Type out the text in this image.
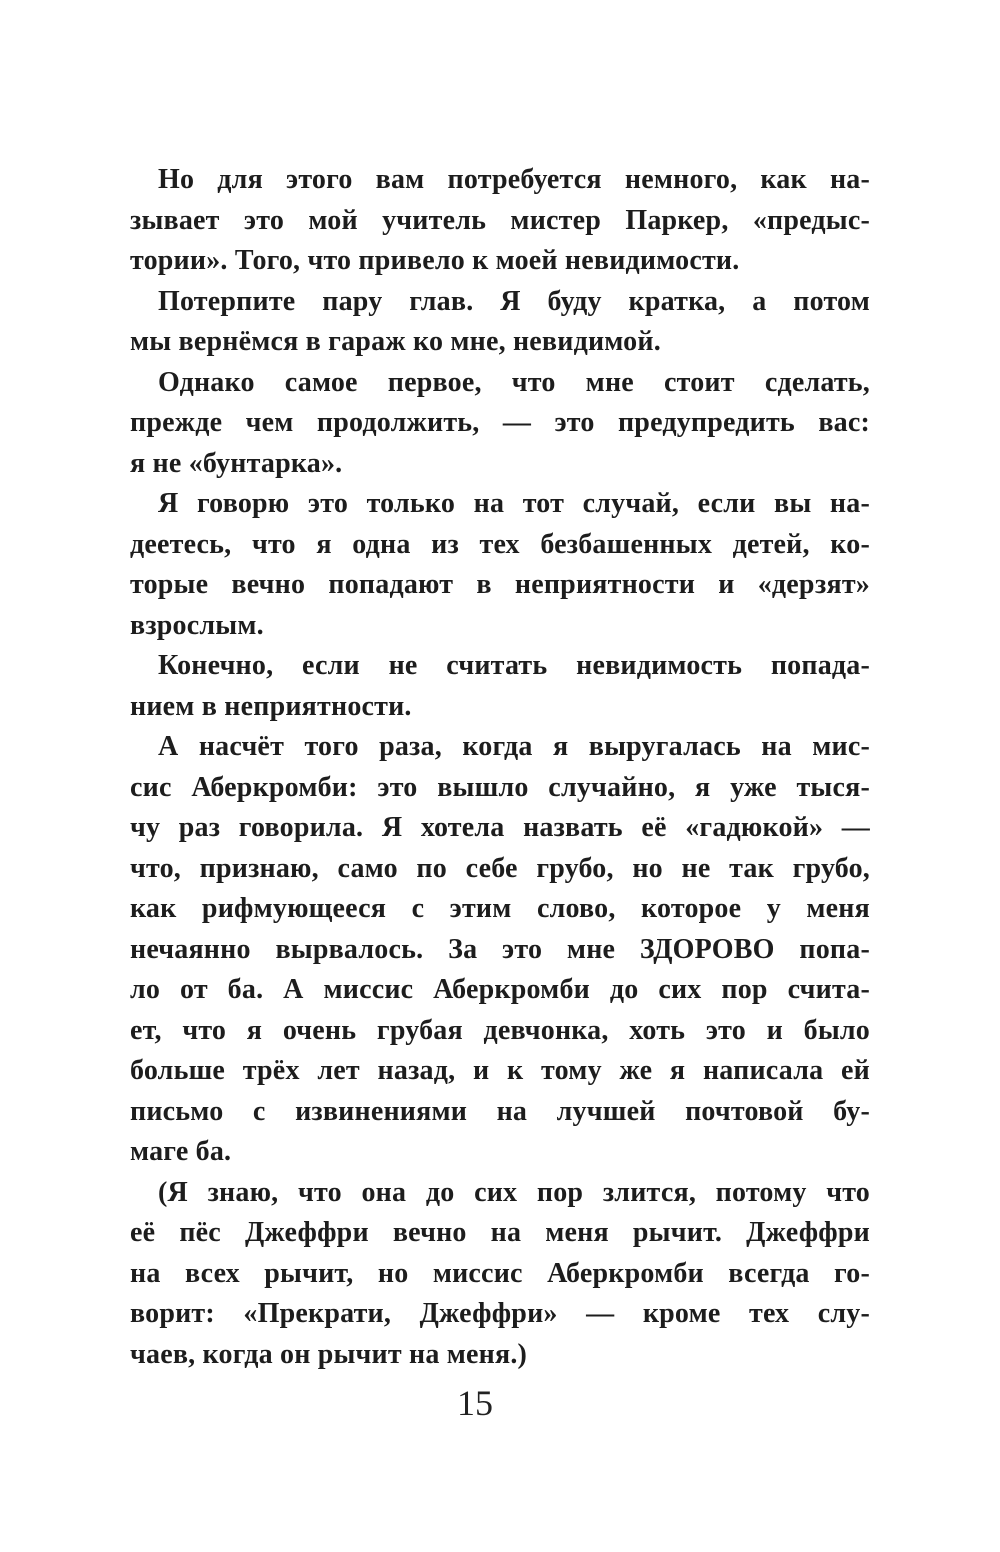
Но для этого вам потребуется немного, как на-
зывает это мой учитель мистер Паркер, «предыс-
тории». Того, что привело к моей невидимости.
Потерпите пару глав. Я буду кратка, а потом
мы вернёмся в гараж ко мне, невидимой.
Однако самое первое, что мне стоит сделать,
прежде чем продолжить, — это предупредить вас:
я не «бунтарка».
Я говорю это только на тот случай, если вы на-
деетесь, что я одна из тех безбашенных детей, ко-
торые вечно попадают в неприятности и «дерзят»
взрослым.
Конечно, если не считать невидимость попада-
нием в неприятности.
А насчёт того раза, когда я выругалась на мис-
сис Аберкромби: это вышло случайно, я уже тыся-
чу раз говорила. Я хотела назвать её «гадюкой» —
что, признаю, само по себе грубо, но не так грубо,
как рифмующееся с этим слово, которое у меня
нечаянно вырвалось. За это мне ЗДОРОВО попа-
ло от ба. А миссис Аберкромби до сих пор счита-
ет, что я очень грубая девчонка, хоть это и было
больше трёх лет назад, и к тому же я написала ей
письмо с извинениями на лучшей почтовой бу-
маге ба.
(Я знаю, что она до сих пор злится, потому что
её пёс Джеффри вечно на меня рычит. Джеффри
на всех рычит, но миссис Аберкромби всегда го-
ворит: «Прекрати, Джеффри» — кроме тех слу-
чаев, когда он рычит на меня.)
15
